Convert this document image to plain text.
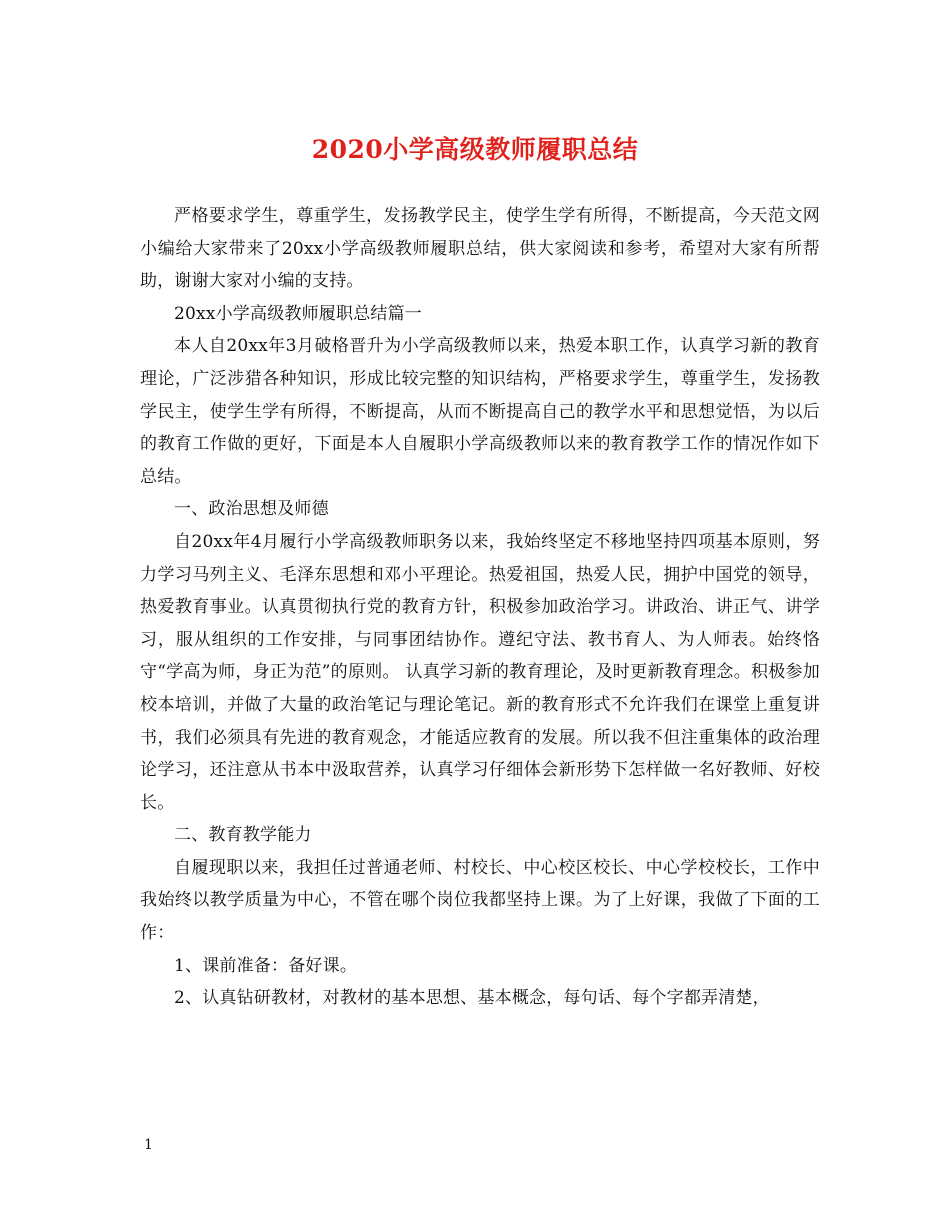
2020小学高级教师履职总结

严格要求学生，尊重学生，发扬教学民主，使学生学有所得，不断提高，今天范文网小编给大家带来了20xx小学高级教师履职总结，供大家阅读和参考，希望对大家有所帮助，谢谢大家对小编的支持。

20xx小学高级教师履职总结篇一

本人自20xx年3月破格晋升为小学高级教师以来，热爱本职工作，认真学习新的教育理论，广泛涉猎各种知识，形成比较完整的知识结构，严格要求学生，尊重学生，发扬教学民主，使学生学有所得，不断提高，从而不断提高自己的教学水平和思想觉悟，为以后的教育工作做的更好，下面是本人自履职小学高级教师以来的教育教学工作的情况作如下总结。

一、政治思想及师德

自20xx年4月履行小学高级教师职务以来，我始终坚定不移地坚持四项基本原则，努力学习马列主义、毛泽东思想和邓小平理论。热爱祖国，热爱人民，拥护中国党的领导，热爱教育事业。认真贯彻执行党的教育方针，积极参加政治学习。讲政治、讲正气、讲学习，服从组织的工作安排，与同事团结协作。遵纪守法、教书育人、为人师表。始终恪守“学高为师，身正为范”的原则。 认真学习新的教育理论，及时更新教育理念。积极参加校本培训，并做了大量的政治笔记与理论笔记。新的教育形式不允许我们在课堂上重复讲书，我们必须具有先进的教育观念，才能适应教育的发展。所以我不但注重集体的政治理论学习，还注意从书本中汲取营养，认真学习仔细体会新形势下怎样做一名好教师、好校长。

二、教育教学能力

自履现职以来，我担任过普通老师、村校长、中心校区校长、中心学校校长，工作中我始终以教学质量为中心，不管在哪个岗位我都坚持上课。为了上好课，我做了下面的工作：

1、课前准备：备好课。

2、认真钻研教材，对教材的基本思想、基本概念，每句话、每个字都弄清楚，

1
